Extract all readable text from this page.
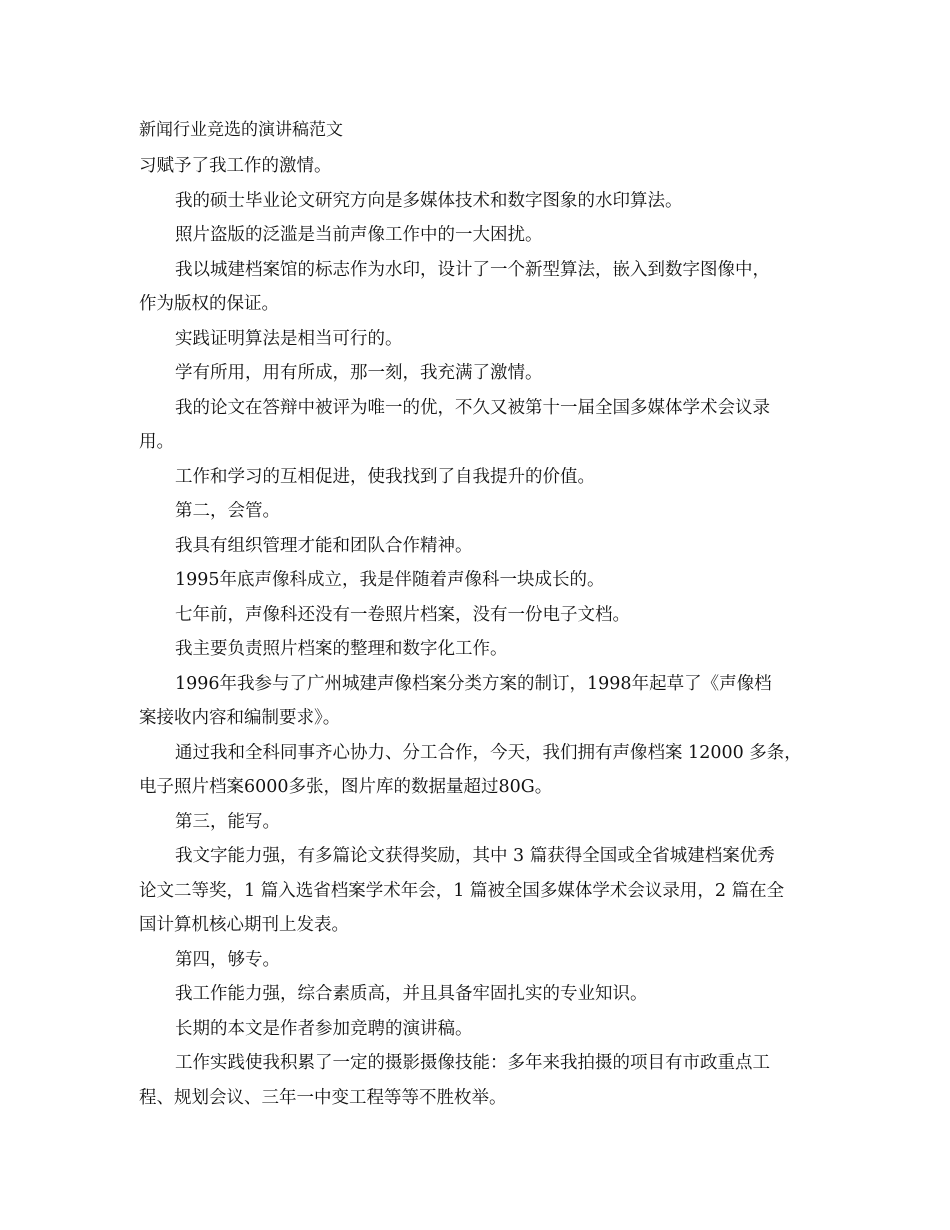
新闻行业竞选的演讲稿范文
习赋予了我工作的激情。
我的硕士毕业论文研究方向是多媒体技术和数字图象的水印算法。
照片盗版的泛滥是当前声像工作中的一大困扰。
我以城建档案馆的标志作为水印，设计了一个新型算法，嵌入到数字图像中，
作为版权的保证。
实践证明算法是相当可行的。
学有所用，用有所成，那一刻，我充满了激情。
我的论文在答辩中被评为唯一的优，不久又被第十一届全国多媒体学术会议录
用。
工作和学习的互相促进，使我找到了自我提升的价值。
第二，会管。
我具有组织管理才能和团队合作精神。
1995年底声像科成立，我是伴随着声像科一块成长的。
七年前，声像科还没有一卷照片档案，没有一份电子文档。
我主要负责照片档案的整理和数字化工作。
1996年我参与了广州城建声像档案分类方案的制订，1998年起草了《声像档
案接收内容和编制要求》。
通过我和全科同事齐心协力、分工合作，今天，我们拥有声像档案 12000 多条，
电子照片档案6000多张，图片库的数据量超过80G。
第三，能写。
我文字能力强，有多篇论文获得奖励，其中 3 篇获得全国或全省城建档案优秀
论文二等奖，1 篇入选省档案学术年会，1 篇被全国多媒体学术会议录用，2 篇在全
国计算机核心期刊上发表。
第四，够专。
我工作能力强，综合素质高，并且具备牢固扎实的专业知识。
长期的本文是作者参加竞聘的演讲稿。
工作实践使我积累了一定的摄影摄像技能：多年来我拍摄的项目有市政重点工
程、规划会议、三年一中变工程等等不胜枚举。
